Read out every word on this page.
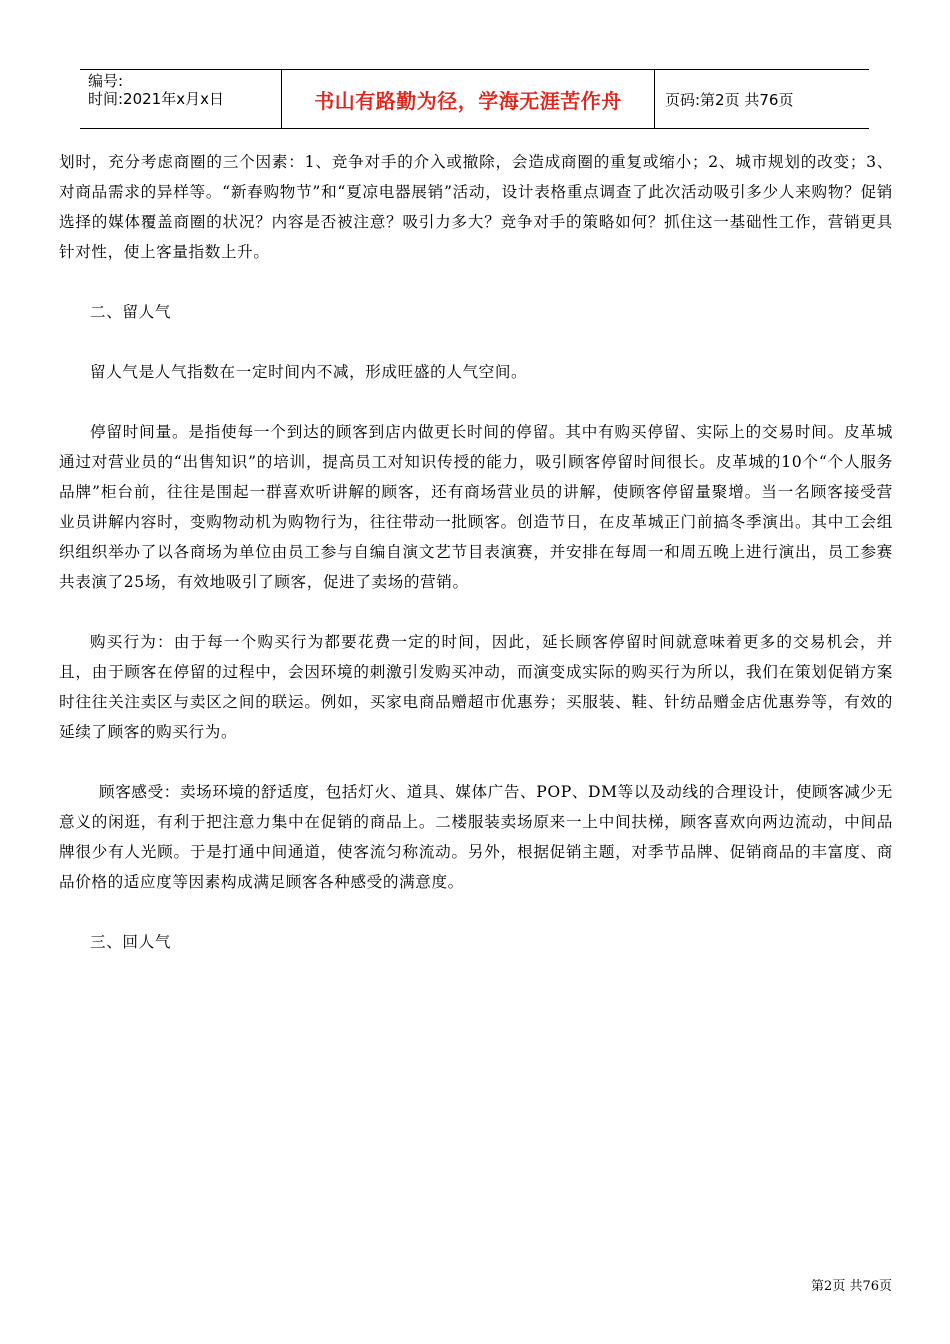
编号:
时间:2021年x月x日	书山有路勤为径，学海无涯苦作舟	页码:第2页 共76页

划时，充分考虑商圈的三个因素：1、竞争对手的介入或撤除，会造成商圈的重复或缩小；2、城市规划的改变；3、对商品需求的异样等。“新春购物节”和“夏凉电器展销”活动，设计表格重点调查了此次活动吸引多少人来购物？促销选择的媒体覆盖商圈的状况？内容是否被注意？吸引力多大？竞争对手的策略如何？抓住这一基础性工作，营销更具针对性，使上客量指数上升。

二、留人气

留人气是人气指数在一定时间内不减，形成旺盛的人气空间。

停留时间量。是指使每一个到达的顾客到店内做更长时间的停留。其中有购买停留、实际上的交易时间。皮革城通过对营业员的“出售知识”的培训，提高员工对知识传授的能力，吸引顾客停留时间很长。皮革城的10个“个人服务品牌”柜台前，往往是围起一群喜欢听讲解的顾客，还有商场营业员的讲解，使顾客停留量聚增。当一名顾客接受营业员讲解内容时，变购物动机为购物行为，往往带动一批顾客。创造节日，在皮革城正门前搞冬季演出。其中工会组织组织举办了以各商场为单位由员工参与自编自演文艺节目表演赛，并安排在每周一和周五晚上进行演出，员工参赛共表演了25场，有效地吸引了顾客，促进了卖场的营销。

购买行为：由于每一个购买行为都要花费一定的时间，因此，延长顾客停留时间就意味着更多的交易机会，并且，由于顾客在停留的过程中，会因环境的刺激引发购买冲动，而演变成实际的购买行为所以，我们在策划促销方案时往往关注卖区与卖区之间的联运。例如，买家电商品赠超市优惠券；买服装、鞋、针纺品赠金店优惠券等，有效的延续了顾客的购买行为。

顾客感受：卖场环境的舒适度，包括灯火、道具、媒体广告、POP、DM等以及动线的合理设计，使顾客减少无意义的闲逛，有利于把注意力集中在促销的商品上。二楼服装卖场原来一上中间扶梯，顾客喜欢向两边流动，中间品牌很少有人光顾。于是打通中间通道，使客流匀称流动。另外，根据促销主题，对季节品牌、促销商品的丰富度、商品价格的适应度等因素构成满足顾客各种感受的满意度。

三、回人气

第2页 共76页
